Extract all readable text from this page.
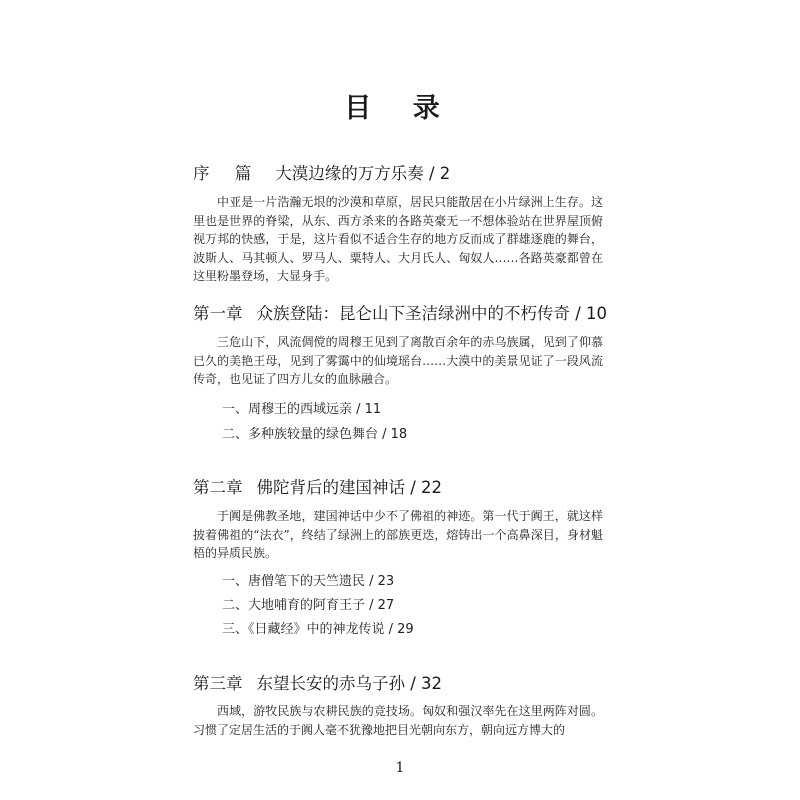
目 录
序 篇 大漠边缘的万方乐奏 / 2
中亚是一片浩瀚无垠的沙漠和草原，居民只能散居在小片绿洲上生存。这里也是世界的脊梁，从东、西方杀来的各路英豪无一不想体验站在世界屋顶俯视万邦的快感，于是，这片看似不适合生存的地方反而成了群雄逐鹿的舞台，波斯人、马其顿人、罗马人、粟特人、大月氏人、匈奴人……各路英豪都曾在这里粉墨登场，大显身手。
第一章 众族登陆：昆仑山下圣洁绿洲中的不朽传奇 / 10
三危山下，风流倜傥的周穆王见到了离散百余年的赤乌族属，见到了仰慕已久的美艳王母，见到了雾霭中的仙境瑶台……大漠中的美景见证了一段风流传奇，也见证了四方儿女的血脉融合。
一、周穆王的西域远亲 / 11
二、多种族较量的绿色舞台 / 18
第二章 佛陀背后的建国神话 / 22
于阗是佛教圣地，建国神话中少不了佛祖的神迹。第一代于阗王，就这样披着佛祖的“法衣”，终结了绿洲上的部族更迭，熔铸出一个高鼻深目，身材魁梧的异质民族。
一、唐僧笔下的天竺遗民 / 23
二、大地哺育的阿育王子 / 27
三、《日藏经》中的神龙传说 / 29
第三章 东望长安的赤乌子孙 / 32
西域，游牧民族与农耕民族的竞技场。匈奴和强汉率先在这里两阵对圆。习惯了定居生活的于阗人毫不犹豫地把目光朝向东方，朝向远方博大的
1
